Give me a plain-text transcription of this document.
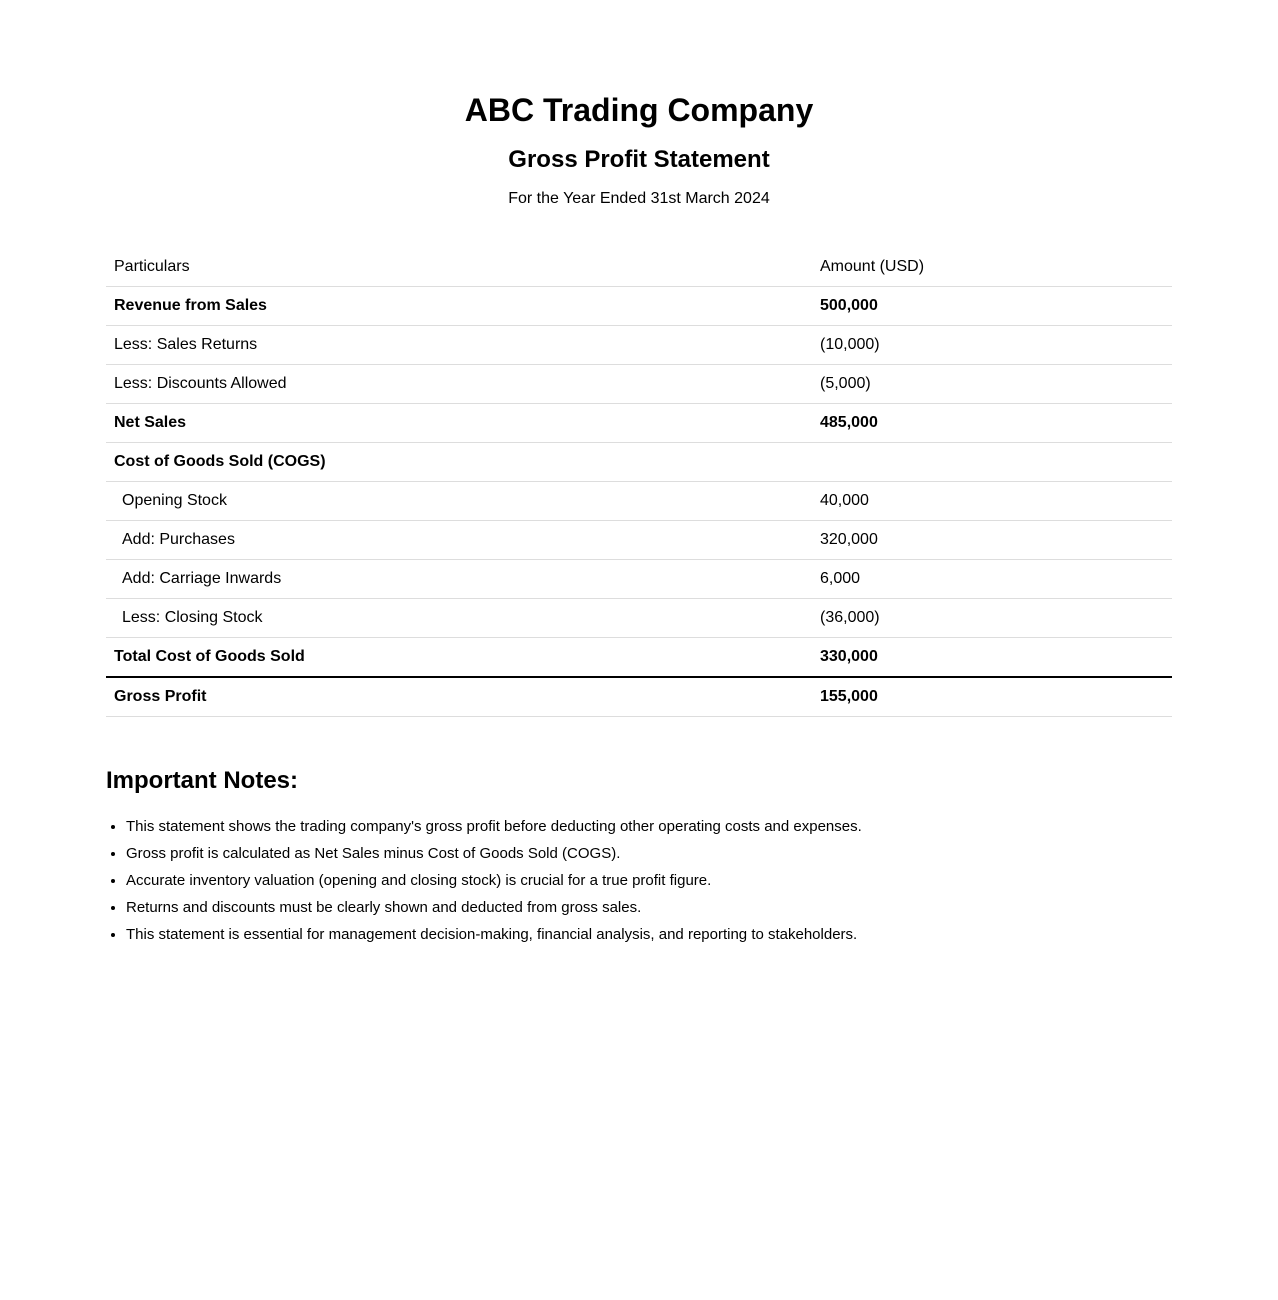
ABC Trading Company
Gross Profit Statement

For the Year Ended 31st March 2024

Particulars	Amount (USD)
Revenue from Sales	500,000
Less: Sales Returns	(10,000)
Less: Discounts Allowed	(5,000)
Net Sales	485,000
Cost of Goods Sold (COGS)	
Opening Stock	40,000
Add: Purchases	320,000
Add: Carriage Inwards	6,000
Less: Closing Stock	(36,000)
Total Cost of Goods Sold	330,000
Gross Profit	155,000
Important Notes:
• This statement shows the trading company's gross profit before deducting other operating costs and expenses.
• Gross profit is calculated as Net Sales minus Cost of Goods Sold (COGS).
• Accurate inventory valuation (opening and closing stock) is crucial for a true profit figure.
• Returns and discounts must be clearly shown and deducted from gross sales.
• This statement is essential for management decision-making, financial analysis, and reporting to stakeholders.
